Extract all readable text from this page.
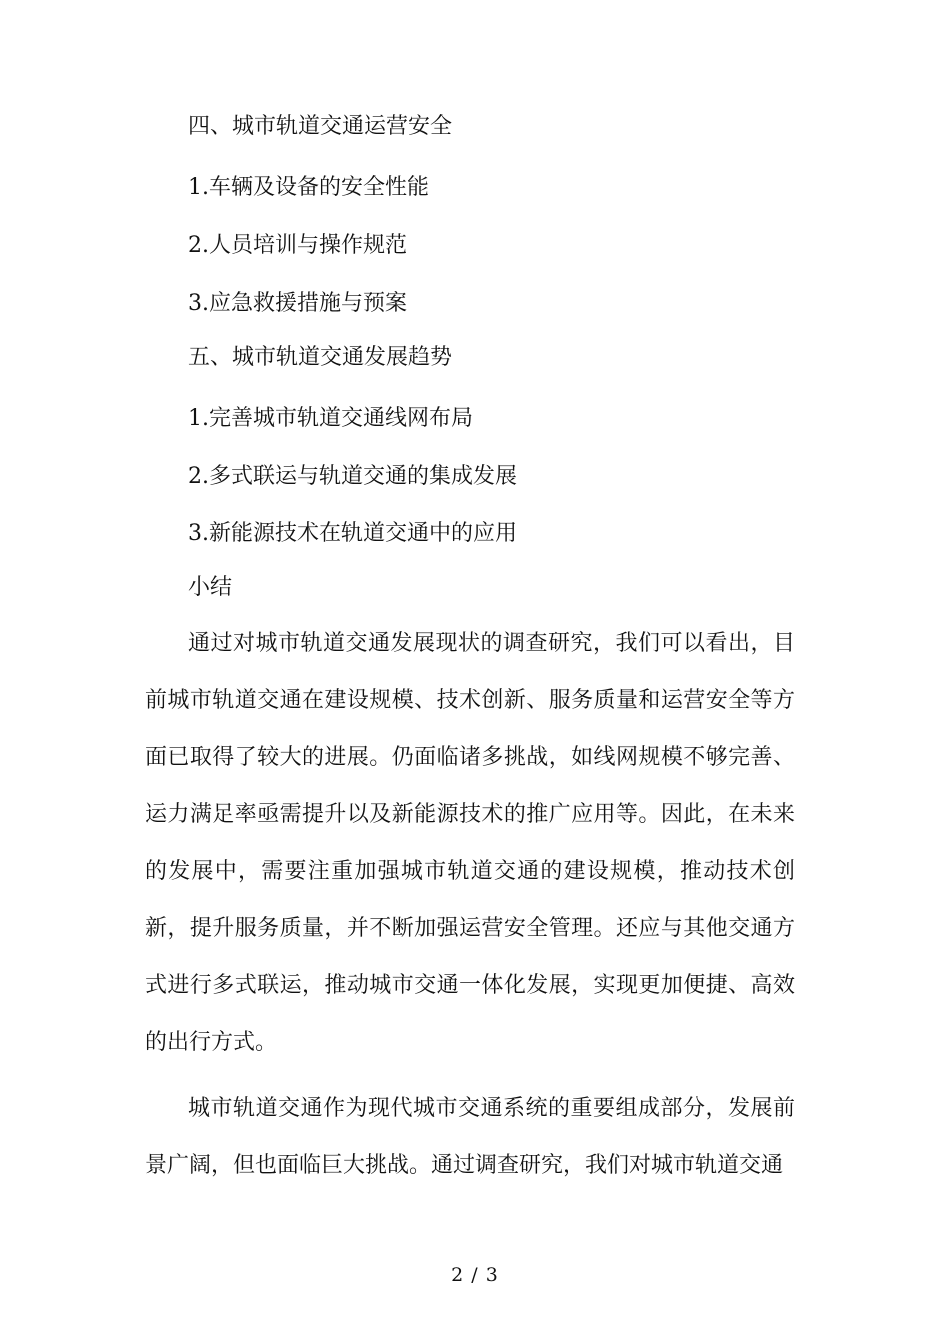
四、城市轨道交通运营安全
1.车辆及设备的安全性能
2.人员培训与操作规范
3.应急救援措施与预案
五、城市轨道交通发展趋势
1.完善城市轨道交通线网布局
2.多式联运与轨道交通的集成发展
3.新能源技术在轨道交通中的应用
小结

通过对城市轨道交通发展现状的调查研究，我们可以看出，目前城市轨道交通在建设规模、技术创新、服务质量和运营安全等方面已取得了较大的进展。仍面临诸多挑战，如线网规模不够完善、运力满足率亟需提升以及新能源技术的推广应用等。因此，在未来的发展中，需要注重加强城市轨道交通的建设规模，推动技术创新，提升服务质量，并不断加强运营安全管理。还应与其他交通方式进行多式联运，推动城市交通一体化发展，实现更加便捷、高效的出行方式。

城市轨道交通作为现代城市交通系统的重要组成部分，发展前景广阔，但也面临巨大挑战。通过调查研究，我们对城市轨道交通

2 / 3
